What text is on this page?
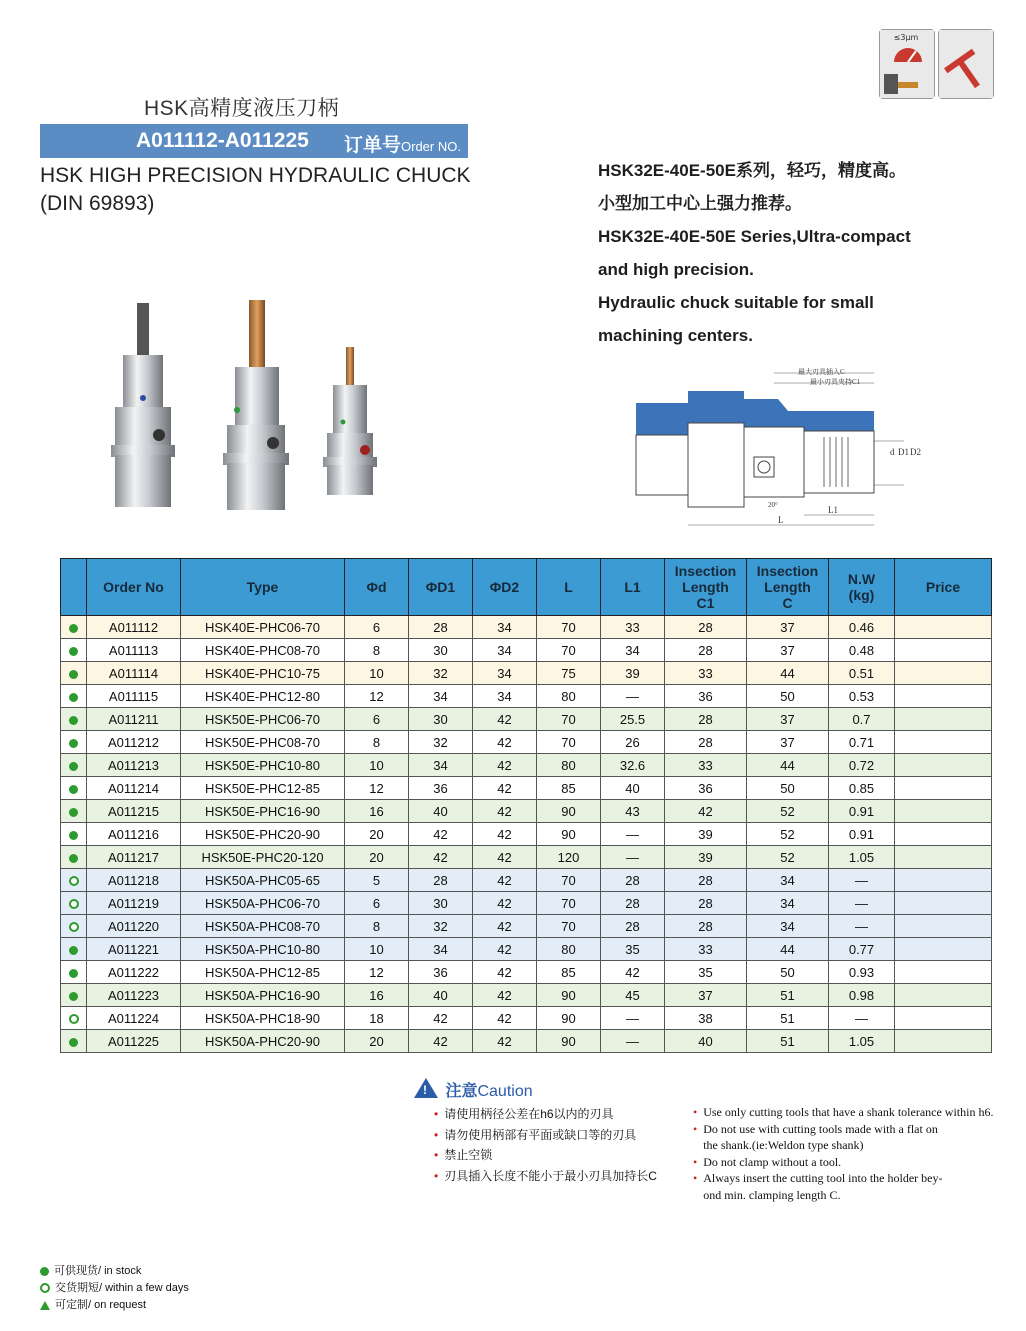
HSK高精度液压刀柄
A011112-A011225 订单号Order NO.
HSK HIGH PRECISION HYDRAULIC CHUCK
(DIN 69893)
≤3μm
HSK32E-40E-50E系列，轻巧，精度高。
小型加工中心上强力推荐。
HSK32E-40E-50E Series,Ultra-compact
and high precision.
Hydraulic chuck suitable for small
machining centers.
最大刃具插入C
最小刃具夹持C1
L
L1
d D1 D2
20°
	Order No	Type	Φd	ΦD1	ΦD2	L	L1	Insection
Length
C1	Insection
Length
C	N.W
(kg)	Price
	A011112	HSK40E-PHC06-70	6	28	34	70	33	28	37	0.46	
	A011113	HSK40E-PHC08-70	8	30	34	70	34	28	37	0.48	
	A011114	HSK40E-PHC10-75	10	32	34	75	39	33	44	0.51	
	A011115	HSK40E-PHC12-80	12	34	34	80	—	36	50	0.53	
	A011211	HSK50E-PHC06-70	6	30	42	70	25.5	28	37	0.7	
	A011212	HSK50E-PHC08-70	8	32	42	70	26	28	37	0.71	
	A011213	HSK50E-PHC10-80	10	34	42	80	32.6	33	44	0.72	
	A011214	HSK50E-PHC12-85	12	36	42	85	40	36	50	0.85	
	A011215	HSK50E-PHC16-90	16	40	42	90	43	42	52	0.91	
	A011216	HSK50E-PHC20-90	20	42	42	90	—	39	52	0.91	
	A011217	HSK50E-PHC20-120	20	42	42	120	—	39	52	1.05	
	A011218	HSK50A-PHC05-65	5	28	42	70	28	28	34	—	
	A011219	HSK50A-PHC06-70	6	30	42	70	28	28	34	—	
	A011220	HSK50A-PHC08-70	8	32	42	70	28	28	34	—	
	A011221	HSK50A-PHC10-80	10	34	42	80	35	33	44	0.77	
	A011222	HSK50A-PHC12-85	12	36	42	85	42	35	50	0.93	
	A011223	HSK50A-PHC16-90	16	40	42	90	45	37	51	0.98	
	A011224	HSK50A-PHC18-90	18	42	42	90	—	38	51	—	
	A011225	HSK50A-PHC20-90	20	42	42	90	—	40	51	1.05	
! 注意Caution
• 请使用柄径公差在h6以内的刃具
• 请勿使用柄部有平面或缺口等的刃具
• 禁止空锁
• 刃具插入长度不能小于最小刃具加持长C
• Use only cutting tools that have a shank tolerance within h6.
• Do not use with cutting tools made with a flat on
the shank.(ie:Weldon type shank)
• Do not clamp without a tool.
• Always insert the cutting tool into the holder bey-
ond min. clamping length C.
可供现货/ in stock
交货期短/ within a few days
可定制/ on request
